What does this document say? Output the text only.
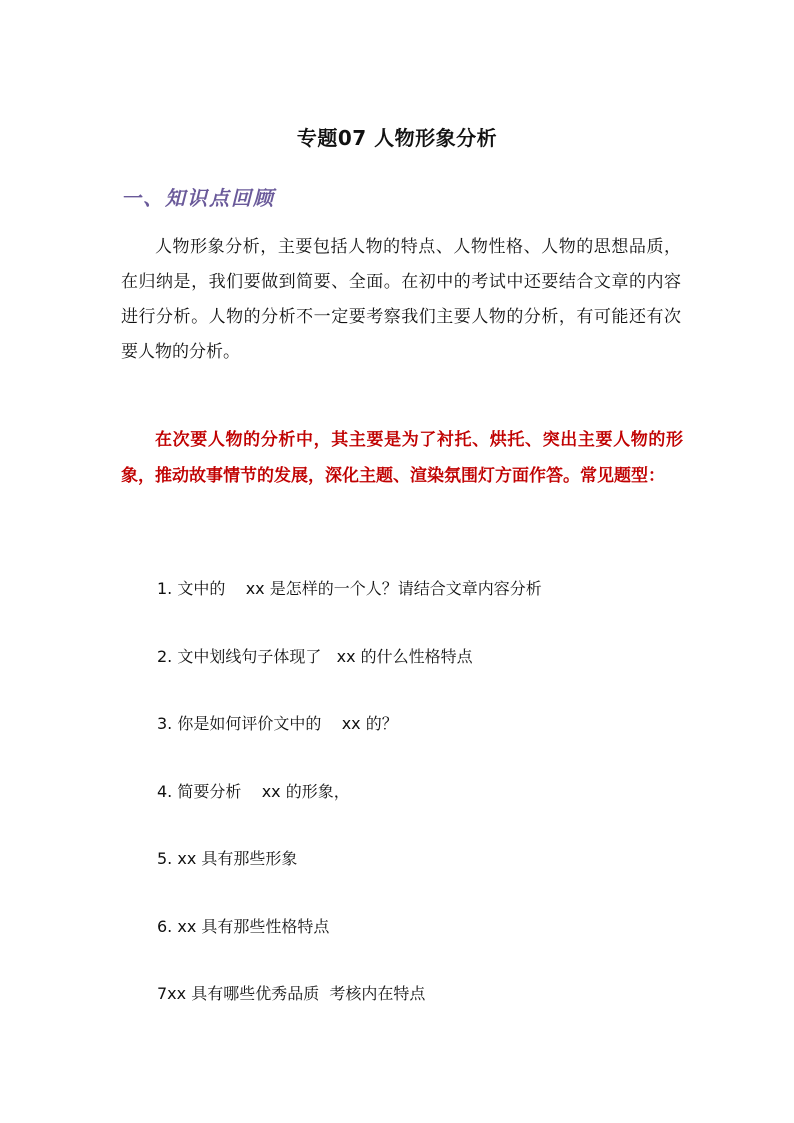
专题07 人物形象分析
一、知识点回顾

人物形象分析，主要包括人物的特点、人物性格、人物的思想品质，在归纳是，我们要做到简要、全面。在初中的考试中还要结合文章的内容进行分析。人物的分析不一定要考察我们主要人物的分析，有可能还有次要人物的分析。

在次要人物的分析中，其主要是为了衬托、烘托、突出主要人物的形象，推动故事情节的发展，深化主题、渲染氛围灯方面作答。常见题型：

1. 文中的    xx 是怎样的一个人？请结合文章内容分析
2. 文中划线句子体现了   xx 的什么性格特点
3. 你是如何评价文中的    xx 的？
4. 简要分析    xx 的形象，
5. xx 具有那些形象
6. xx 具有那些性格特点
7xx 具有哪些优秀品质  考核内在特点
